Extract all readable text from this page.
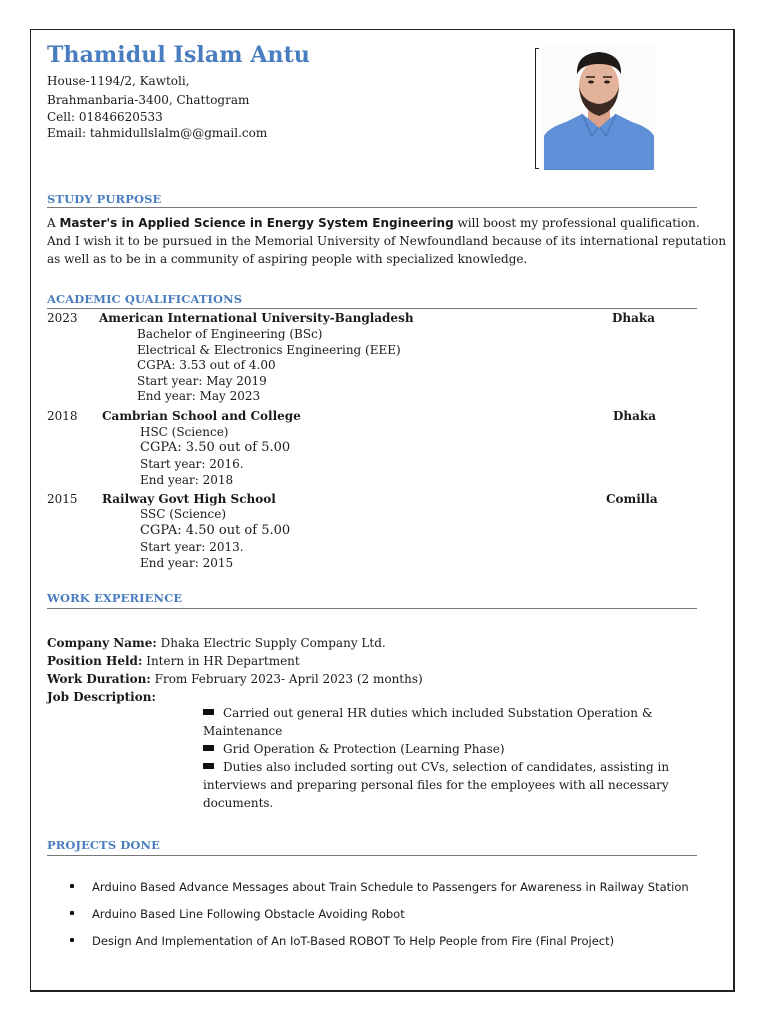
Thamidul Islam Antu
House-1194/2, Kawtoli,
Brahmanbaria-3400, Chattogram
Cell: 01846620533
Email: tahmidullslalm@@gmail.com
STUDY PURPOSE
A Master's in Applied Science in Energy System Engineering will boost my professional qualification. And I wish it to be pursued in the Memorial University of Newfoundland because of its international reputation as well as to be in a community of aspiring people with specialized knowledge.
ACADEMIC QUALIFICATIONS
2023 American International University-Bangladesh	Dhaka
Bachelor of Engineering (BSc)
Electrical & Electronics Engineering (EEE)
CGPA: 3.53 out of 4.00
Start year: May 2019
End year: May 2023
2018 Cambrian School and College	Dhaka
HSC (Science)
CGPA: 3.50 out of 5.00
Start year: 2016.
End year: 2018
2015 Railway Govt High School	Comilla
SSC (Science)
CGPA: 4.50 out of 5.00
Start year: 2013.
End year: 2015
WORK EXPERIENCE
Company Name: Dhaka Electric Supply Company Ltd.
Position Held: Intern in HR Department
Work Duration: From February 2023- April 2023 (2 months)
Job Description:
Carried out general HR duties which included Substation Operation & Maintenance
Grid Operation & Protection (Learning Phase)
Duties also included sorting out CVs, selection of candidates, assisting in interviews and preparing personal files for the employees with all necessary documents.
PROJECTS DONE
Arduino Based Advance Messages about Train Schedule to Passengers for Awareness in Railway Station
Arduino Based Line Following Obstacle Avoiding Robot
Design And Implementation of An IoT-Based ROBOT To Help People from Fire (Final Project)
